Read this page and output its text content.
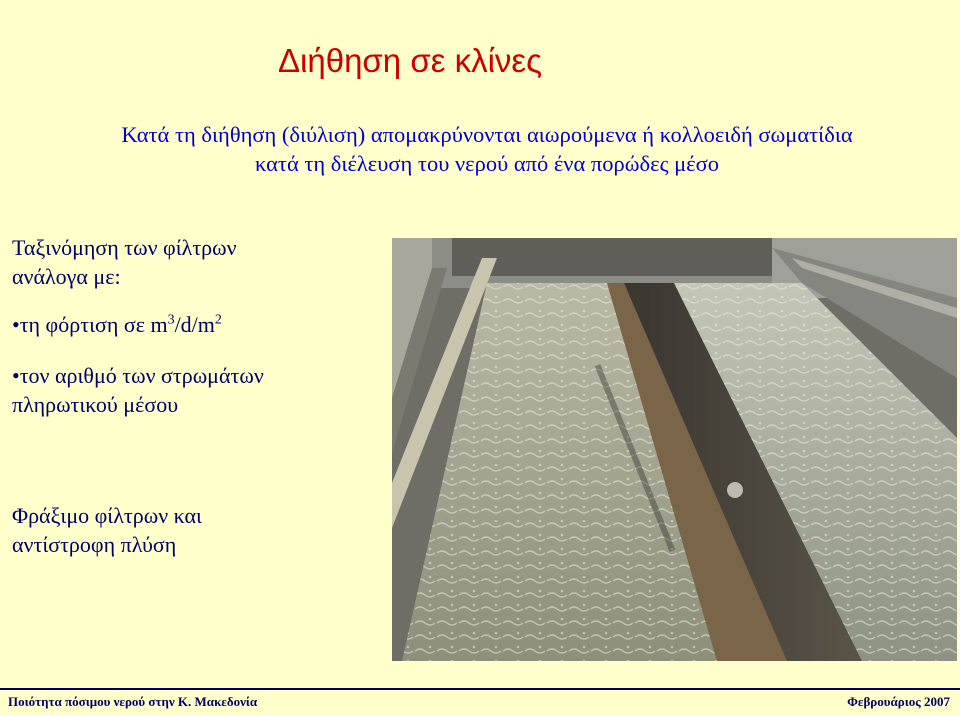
Διήθηση σε κλίνες
Κατά τη διήθηση (διύλιση) απομακρύνονται αιωρούμενα ή κολλοειδή σωματίδια
κατά τη διέλευση του νερού από ένα πορώδες μέσο
Ταξινόμηση των φίλτρων
ανάλογα με:
•τη φόρτιση σε $m^3/d/m^2$
•τον αριθμό των στρωμάτων
πληρωτικού μέσου
Φράξιμο φίλτρων και
αντίστροφη πλύση
Ποιότητα πόσιμου νερού στην Κ. Μακεδονία	Φεβρουάριος 2007
